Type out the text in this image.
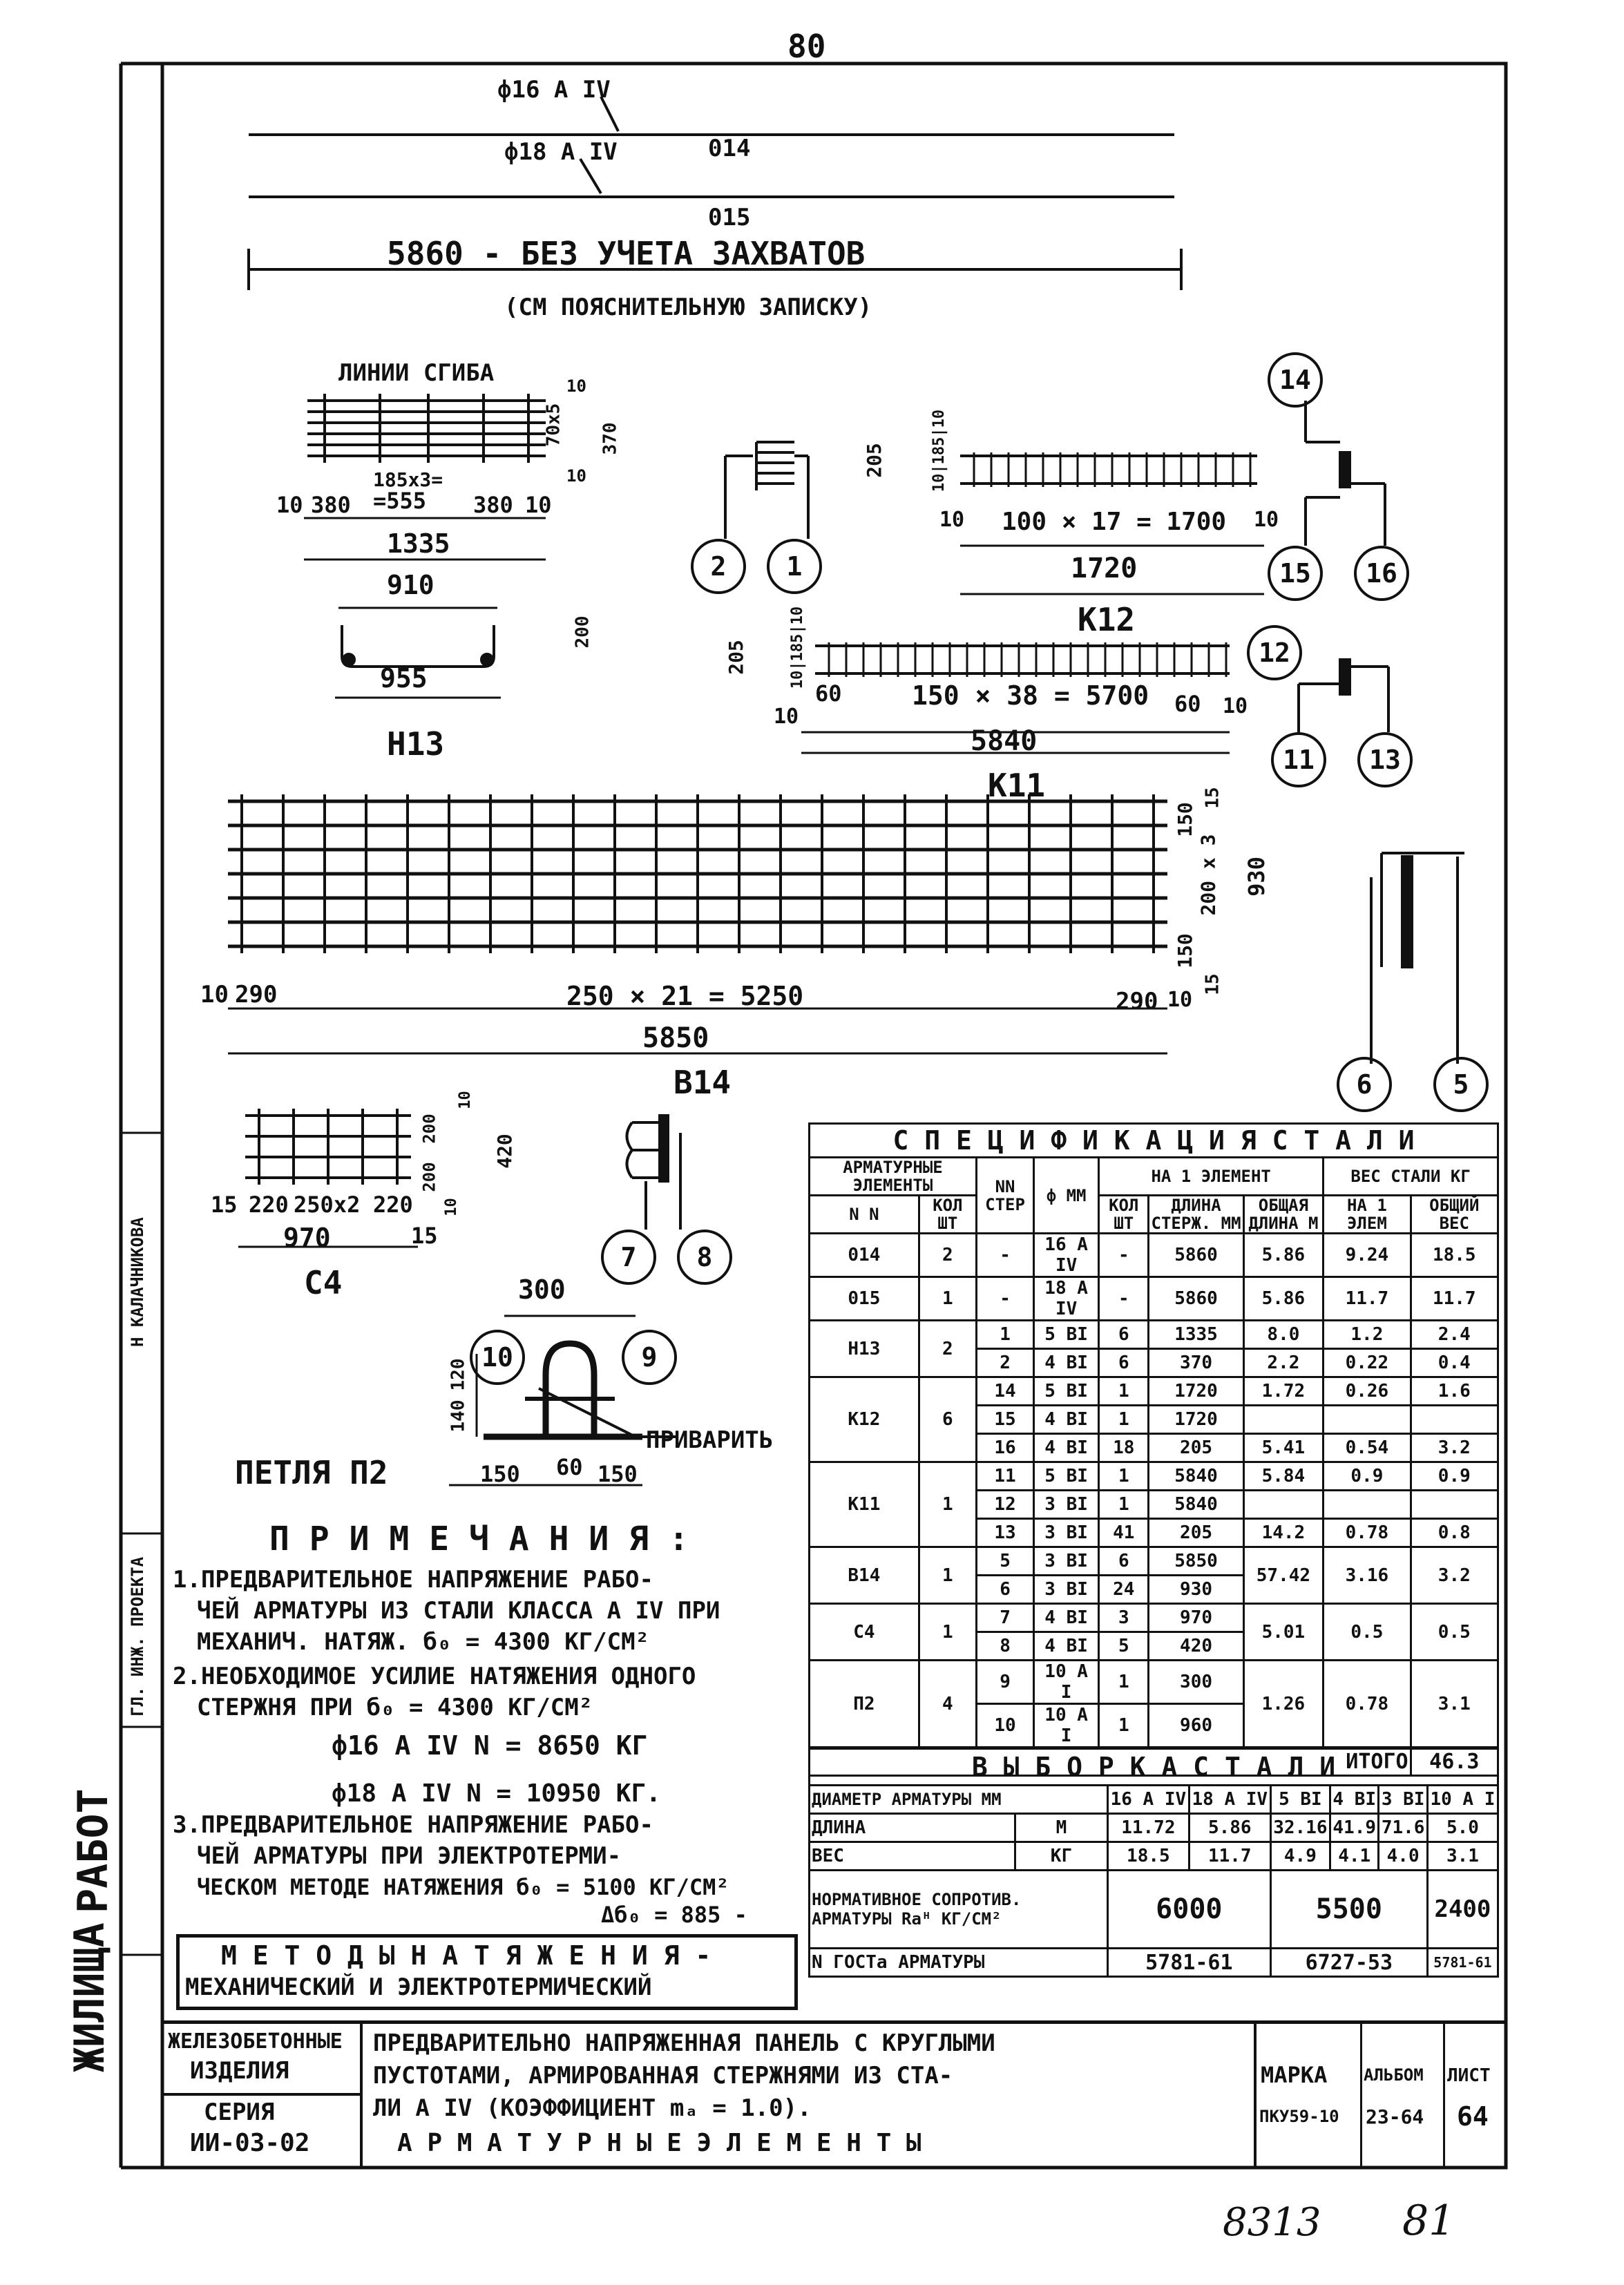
80
ф16 А IV
ф18 А IV	014
015
5860 - БЕЗ УЧЕТА ЗАХВАТОВ
(СМ ПОЯСНИТЕЛЬНУЮ ЗАПИСКУ)
ЛИНИИ СГИБА
70х5 370
10
10
185х3=
=555
10 380	380 10
1335
910
955
200
Н13
205	10|185|10
10 100 × 17 = 1700 10
1720
К12
205	10|185|10
60	150 × 38 = 5700 60
10	10
5840
К11
150
15
200 х 3 930
150
15
10 290	250 × 21 = 5250	290 10
5850
В14
15 220 250х2 220
15
970
200
200
10
10
420
С4	300
140
120
150 60 150
ПРИВАРИТЬ
ПЕТЛЯ П2
14
15	16
12
11	13
2	1
6	5
7	8
10	9
П Р И М Е Ч А Н И Я :
1.ПРЕДВАРИТЕЛЬНОЕ НАПРЯЖЕНИЕ РАБО-
ЧЕЙ АРМАТУРЫ ИЗ СТАЛИ КЛАССА А IV ПРИ
МЕХАНИЧ. НАТЯЖ. б₀ = 4300 КГ/СМ²
2.НЕОБХОДИМОЕ УСИЛИЕ НАТЯЖЕНИЯ ОДНОГО
СТЕРЖНЯ ПРИ б₀ = 4300 КГ/СМ²
ф16 А IV N = 8650 КГ
ф18 А IV N = 10950 КГ.
3.ПРЕДВАРИТЕЛЬНОЕ НАПРЯЖЕНИЕ РАБО-
ЧЕЙ АРМАТУРЫ ПРИ ЭЛЕКТРОТЕРМИ-
ЧЕСКОМ МЕТОДЕ НАТЯЖЕНИЯ б₀ = 5100 КГ/СМ²
Δб₀ = 885 -
М Е Т О Д Ы Н А Т Я Ж Е Н И Я -
МЕХАНИЧЕСКИЙ И ЭЛЕКТРОТЕРМИЧЕСКИЙ
С П Е Ц И Ф И К А Ц И Я С Т А Л И								
АРМАТУРНЫЕ ЭЛЕМЕНТЫ		NN СТЕР	ф ММ	НА 1 ЭЛЕМЕНТ			ВЕС СТАЛИ КГ	
N N	КОЛ ШТ			КОЛ ШТ	ДЛИНА СТЕРЖ. ММ	ОБЩАЯ ДЛИНА М	НА 1 ЭЛЕМ	ОБЩИЙ ВЕС
014	2	-	16 А IV	-	5860	5.86	9.24	18.5
015	1	-	18 А IV	-	5860	5.86	11.7	11.7
Н13	2	1	5 ВI	6	1335	8.0	1.2	2.4
		2	4 ВI	6	370	2.2	0.22	0.4
К12	6	14	5 ВI	1	1720	1.72	0.26	1.6
		15	4 ВI	1	1720			
		16	4 ВI	18	205	5.41	0.54	3.2
К11	1	11	5 ВI	1	5840	5.84	0.9	0.9
		12	3 ВI	1	5840			
		13	3 ВI	41	205	14.2	0.78	0.8
В14	1	5	3 ВI	6	5850	57.42	3.16	3.2
		6	3 ВI	24	930			
С4	1	7	4 ВI	3	970	5.01	0.5	0.5
		8	4 ВI	5	420			
П2	4	9	10 А I	1	300	1.26	0.78	3.1
		10	10 А I	1	960			
ИТОГО								46.3
В Ы Б О Р К А С Т А Л И							
ДИАМЕТР АРМАТУРЫ ММ		16 А IV	18 А IV	5 ВI	4 ВI	3 ВI	10 А I
ДЛИНА	М	11.72	5.86	32.16	41.9	71.6	5.0
ВЕС	КГ	18.5	11.7	4.9	4.1	4.0	3.1
НОРМАТИВНОЕ СОПРОТИВ. АРМАТУРЫ Rаᴴ КГ/СМ²		6000		5500			2400
N ГОСТа АРМАТУРЫ		5781-61		6727-53			5781-61
ЖИЛИЩА
РАБОТ
ГЛ. ИНЖ. ПРОЕКТА
Н КАЛАЧНИКОВА
ЖЕЛЕЗОБЕТОННЫЕ
ИЗДЕЛИЯ
СЕРИЯ
ИИ-03-02
ПРЕДВАРИТЕЛЬНО НАПРЯЖЕННАЯ ПАНЕЛЬ С КРУГЛЫМИ
ПУСТОТАМИ, АРМИРОВАННАЯ СТЕРЖНЯМИ ИЗ СТА-
ЛИ А IV (КОЭФФИЦИЕНТ mₐ = 1.0).
А Р М А Т У Р Н Ы Е Э Л Е М Е Н Т Ы
МАРКА АЛЬБОМ ЛИСТ
ПКУ59-10 23-64 64
8313 81
